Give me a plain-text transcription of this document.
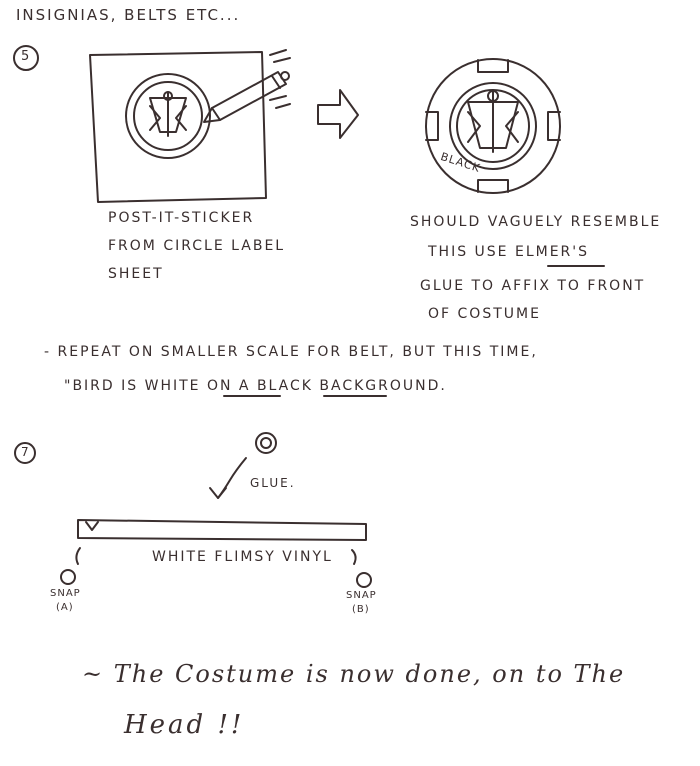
INSIGNIAS, BELTS ETC...
5
POST-IT-STICKER
FROM CIRCLE LABEL
SHEET
BLACK
SHOULD VAGUELY RESEMBLE
THIS USE ELMER'S
GLUE TO AFFIX TO FRONT
OF COSTUME
- REPEAT ON SMALLER SCALE FOR BELT, BUT THIS TIME,
"BIRD IS WHITE ON A BLACK BACKGROUND.
7
GLUE.
WHITE FLIMSY VINYL
SNAP
(A)
SNAP
(B)
~ The Costume is now done, on to The
Head !!
